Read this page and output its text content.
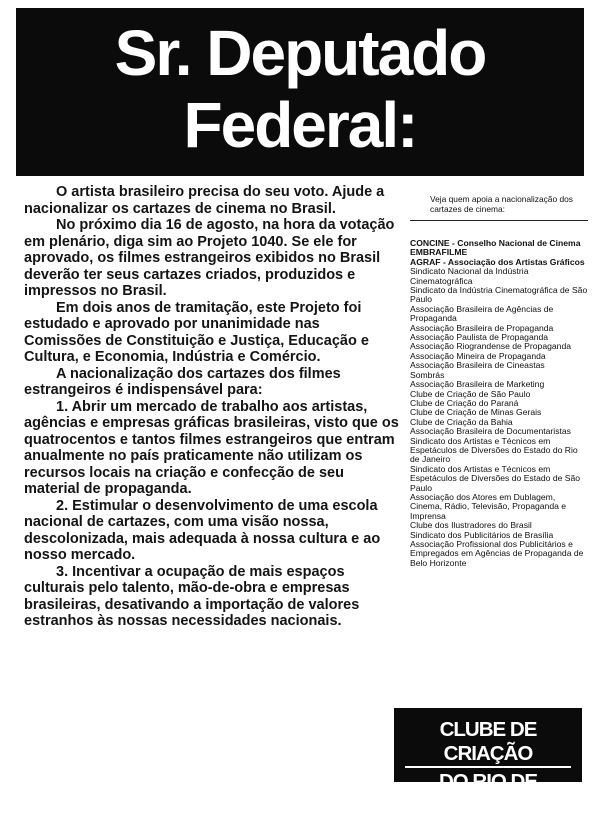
Sr. Deputado
Federal:

O artista brasileiro precisa do seu voto. Ajude a nacionalizar os cartazes de cinema no Brasil.

No próximo dia 16 de agosto, na hora da votação em plenário, diga sim ao Projeto 1040. Se ele for aprovado, os filmes estrangeiros exibidos no Brasil deverão ter seus cartazes criados, produzidos e impressos no Brasil.

Em dois anos de tramitação, este Projeto foi estudado e aprovado por unanimidade nas Comissões de Constituição e Justiça, Educação e Cultura, e Economia, Indústria e Comércio.

A nacionalização dos cartazes dos filmes estrangeiros é indispensável para:

1. Abrir um mercado de trabalho aos artistas, agências e empresas gráficas brasileiras, visto que os quatrocentos e tantos filmes estrangeiros que entram anualmente no país praticamente não utilizam os recursos locais na criação e confecção de seu material de propaganda.

2. Estimular o desenvolvimento de uma escola nacional de cartazes, com uma visão nossa, descolonizada, mais adequada à nossa cultura e ao nosso mercado.

3. Incentivar a ocupação de mais espaços culturais pelo talento, mão-de-obra e empresas brasileiras, desativando a importação de valores estranhos às nossas necessidades nacionais.

Veja quem apoia a nacionalização dos cartazes de cinema:
CONCINE - Conselho Nacional de Cinema
EMBRAFILME
AGRAF - Associação dos Artistas Gráficos
Sindicato Nacional da Indústria Cinematográfica
Sindicato da Indústria Cinematográfica de São Paulo
Associação Brasileira de Agências de Propaganda
Associação Brasileira de Propaganda
Associação Paulista de Propaganda
Associação Riograndense de Propaganda
Associação Mineira de Propaganda
Associação Brasileira de Cineastas
Sombrás
Associação Brasileira de Marketing
Clube de Criação de São Paulo
Clube de Criação do Paraná
Clube de Criação de Minas Gerais
Clube de Criação da Bahia
Associação Brasileira de Documentaristas
Sindicato dos Artistas e Técnicos em Espetáculos de Diversões do Estado do Rio de Janeiro
Sindicato dos Artistas e Técnicos em Espetáculos de Diversões do Estado de São Paulo
Associação dos Atores em Dublagem, Cinema, Rádio, Televisão, Propaganda e Imprensa
Clube dos Ilustradores do Brasil
Sindicato dos Publicitários de Brasília
Associação Profissional dos Publicitários e Empregados em Agências de Propaganda de Belo Horizonte
CLUBE DE CRIAÇÃO
DO RIO DE JANEIRO
